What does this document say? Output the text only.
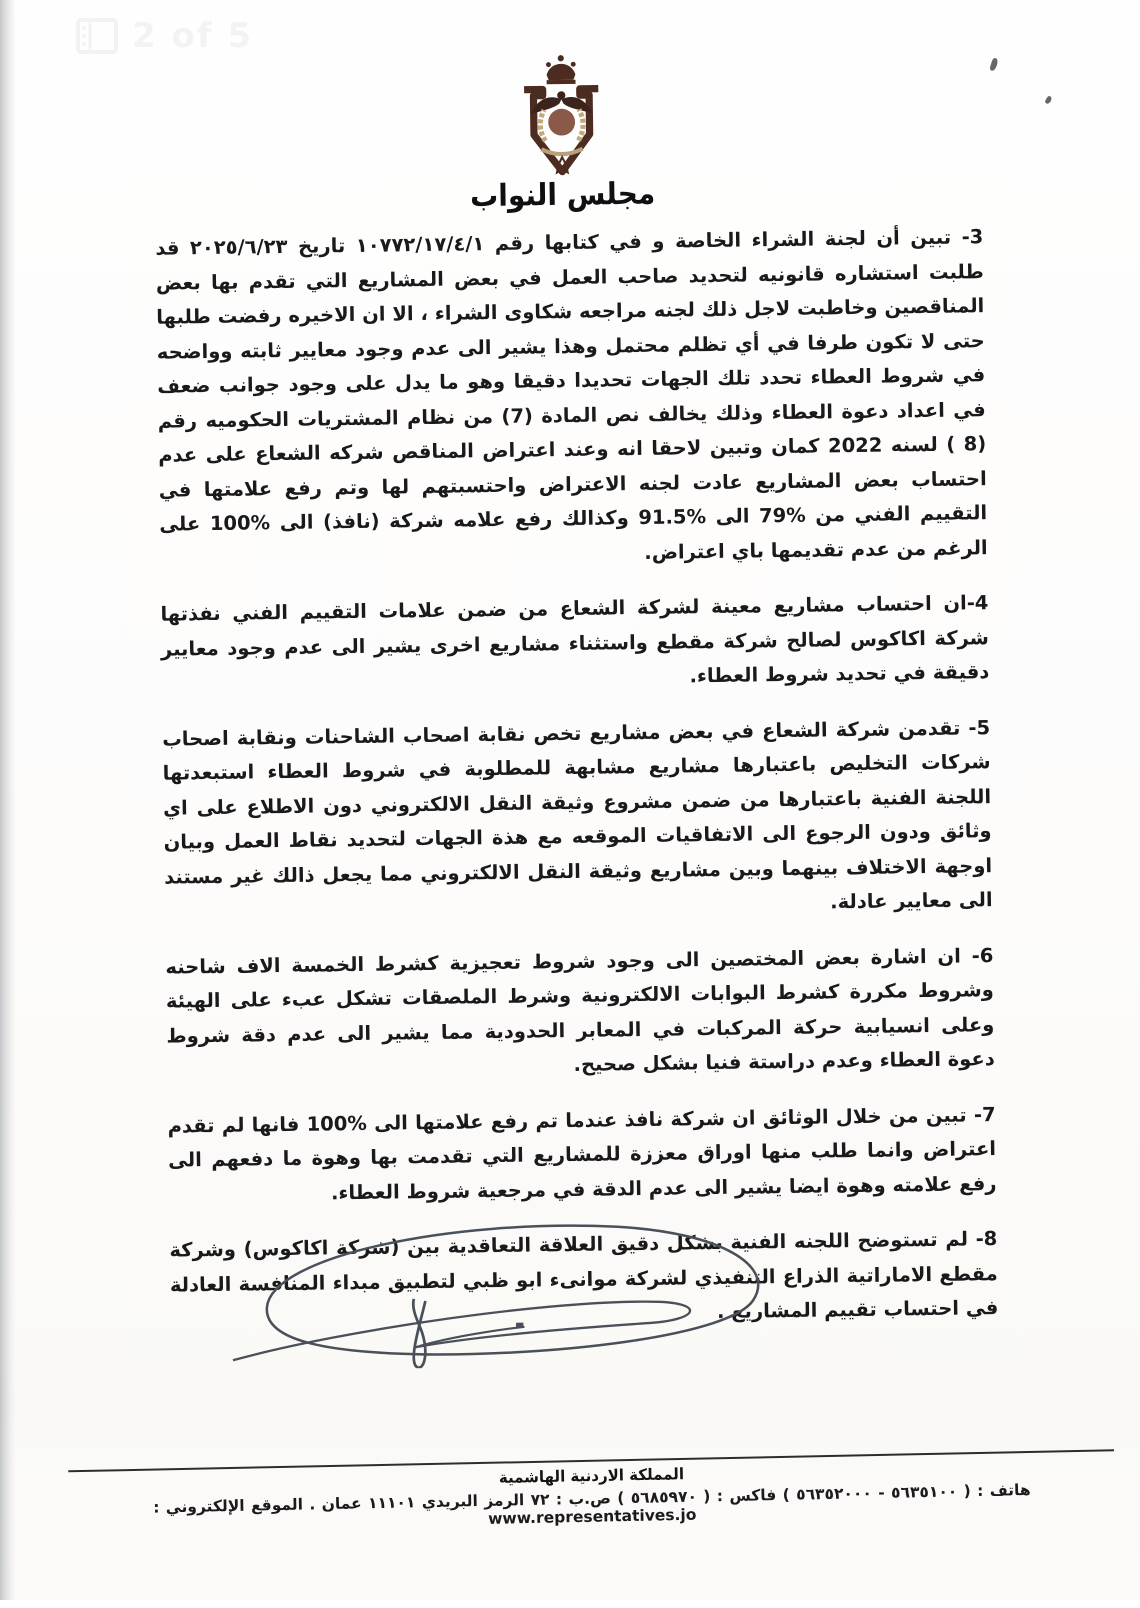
مجلس النواب

3- تبين أن لجنة الشراء الخاصة و في كتابها رقم ١٠٧٧٢/١٧/٤/١ تاريخ ٢٠٢٥/٦/٢٣ قد طلبت استشاره قانونيه لتحديد صاحب العمل في بعض المشاريع التي تقدم بها بعض المناقصين وخاطبت لاجل ذلك لجنه مراجعه شكاوى الشراء ، الا ان الاخيره رفضت طلبها حتى لا تكون طرفا في أي تظلم محتمل وهذا يشير الى عدم وجود معايير ثابته وواضحه في شروط العطاء تحدد تلك الجهات تحديدا دقيقا وهو ما يدل على وجود جوانب ضعف في اعداد دعوة العطاء وذلك يخالف نص المادة (7) من نظام المشتريات الحكوميه رقم (8 ) لسنه 2022 كمان وتبين لاحقا انه وعند اعتراض المناقص شركه الشعاع على عدم احتساب بعض المشاريع عادت لجنه الاعتراض واحتسبتهم لها وتم رفع علامتها في التقييم الفني من %79 الى %91.5 وكذالك رفع علامه شركة (نافذ) الى %100 على الرغم من عدم تقديمها باي اعتراض.

4-ان احتساب مشاريع معينة لشركة الشعاع من ضمن علامات التقييم الفني نفذتها شركة اكاكوس لصالح شركة مقطع واستثناء مشاريع اخرى يشير الى عدم وجود معايير دقيقة في تحديد شروط العطاء.

5- تقدمن شركة الشعاع في بعض مشاريع تخص نقابة اصحاب الشاحنات ونقابة اصحاب شركات التخليص باعتبارها مشاريع مشابهة للمطلوبة في شروط العطاء استبعدتها اللجنة الفنية باعتبارها من ضمن مشروع وثيقة النقل الالكتروني دون الاطلاع على اي وثائق ودون الرجوع الى الاتفاقيات الموقعه مع هذة الجهات لتحديد نقاط العمل وبيان اوجهة الاختلاف بينهما وبين مشاريع وثيقة النقل الالكتروني مما يجعل ذالك غير مستند الى معايير عادلة.

6- ان اشارة بعض المختصين الى وجود شروط تعجيزية كشرط الخمسة الاف شاحنه وشروط مكررة كشرط البوابات الالكترونية وشرط الملصقات تشكل عبء على الهيئة وعلى انسيابية حركة المركبات في المعابر الحدودية مما يشير الى عدم دقة شروط دعوة العطاء وعدم دراستة فنيا بشكل صحيح.

7- تبين من خلال الوثائق ان شركة نافذ عندما تم رفع علامتها الى %100 فانها لم تقدم اعتراض وانما طلب منها اوراق معززة للمشاريع التي تقدمت بها وهوة ما دفعهم الى رفع علامته وهوة ايضا يشير الى عدم الدقة في مرجعية شروط العطاء.

8- لم تستوضح اللجنه الفنية بشكل دقيق العلاقة التعاقدية بين (شركة اكاكوس) وشركة مقطع الاماراتية الذراع التنفيذي لشركة موانىء ابو ظبي لتطبيق مبداء المنافسة العادلة في احتساب تقييم المشاريع .

المملكة الاردنية الهاشمية
هاتف : ( ٥٦٣٥١٠٠ - ٥٦٣٥٢٠٠٠ ) فاكس : ( ٥٦٨٥٩٧٠ ) ص.ب : ٧٢ الرمز البريدي ١١١٠١ عمان . الموقع الإلكتروني : www.representatives.jo
2 of 5
